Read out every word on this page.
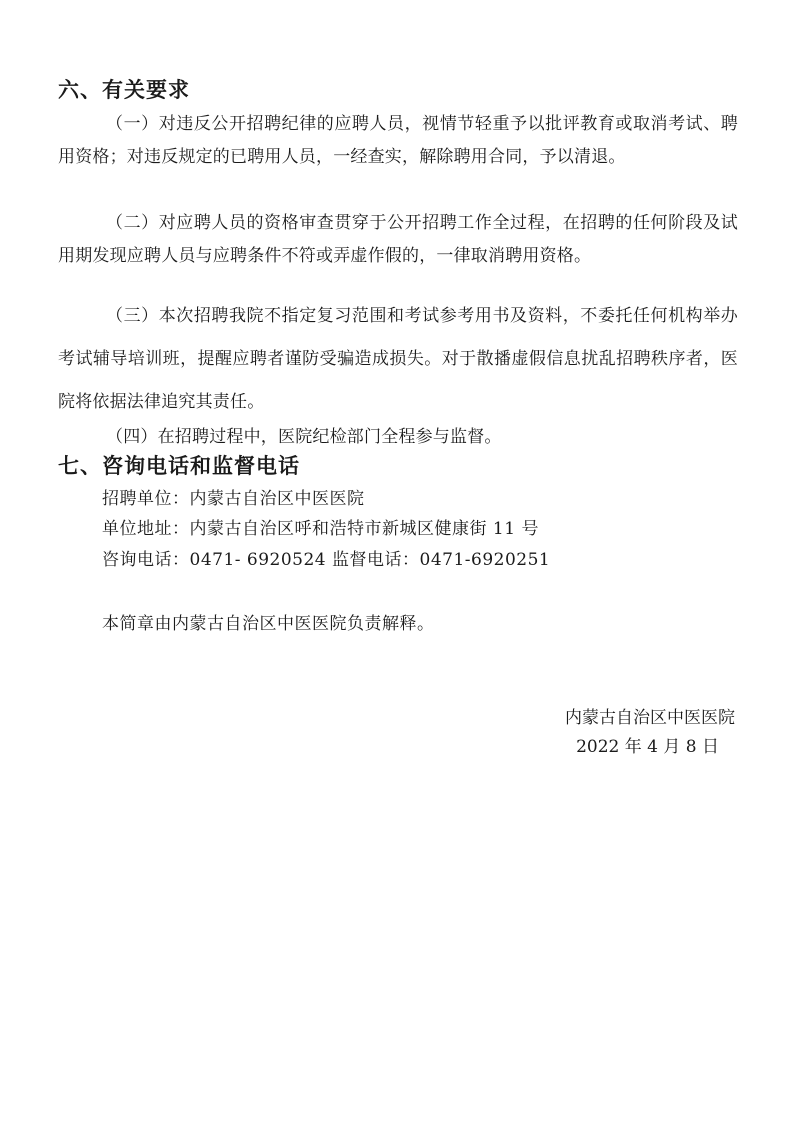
六、有关要求

（一）对违反公开招聘纪律的应聘人员，视情节轻重予以批评教育或取消考试、聘用资格；对违反规定的已聘用人员，一经查实，解除聘用合同，予以清退。

（二）对应聘人员的资格审查贯穿于公开招聘工作全过程，在招聘的任何阶段及试用期发现应聘人员与应聘条件不符或弄虚作假的，一律取消聘用资格。

（三）本次招聘我院不指定复习范围和考试参考用书及资料，不委托任何机构举办考试辅导培训班，提醒应聘者谨防受骗造成损失。对于散播虚假信息扰乱招聘秩序者，医院将依据法律追究其责任。

（四）在招聘过程中，医院纪检部门全程参与监督。

七、咨询电话和监督电话

招聘单位：内蒙古自治区中医医院

单位地址：内蒙古自治区呼和浩特市新城区健康街 11 号

咨询电话：0471- 6920524 监督电话：0471-6920251

本简章由内蒙古自治区中医医院负责解释。

内蒙古自治区中医医院

2022 年 4 月 8 日
